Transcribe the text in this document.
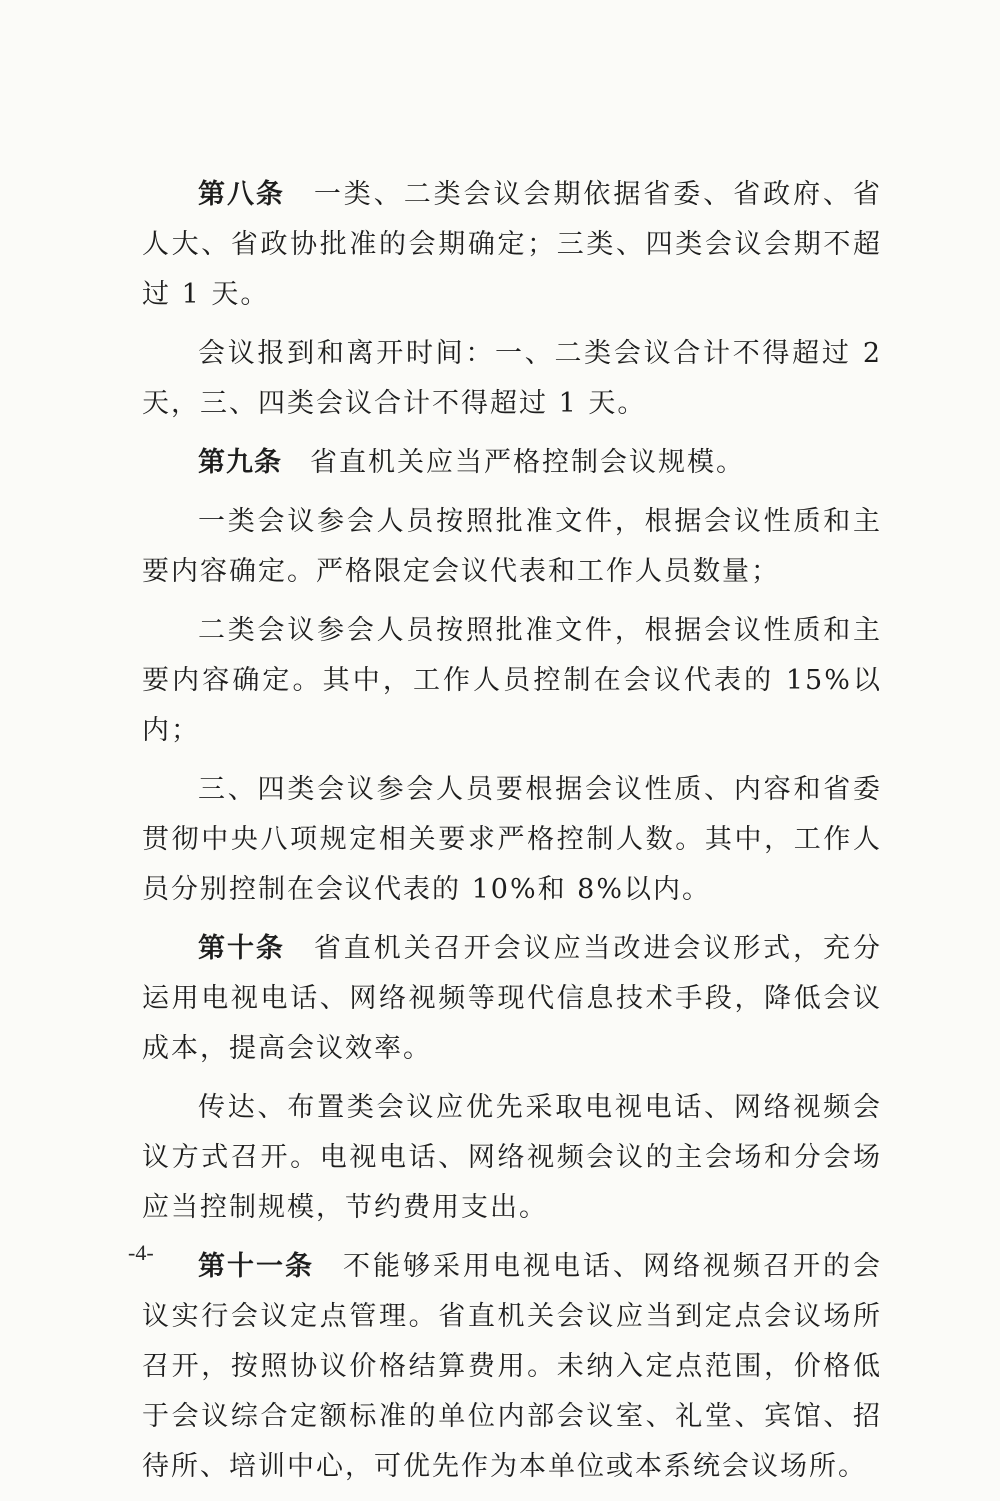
第八条 一类、二类会议会期依据省委、省政府、省人大、省政协批准的会期确定；三类、四类会议会期不超过 1 天。

会议报到和离开时间：一、二类会议合计不得超过 2 天，三、四类会议合计不得超过 1 天。

第九条 省直机关应当严格控制会议规模。

一类会议参会人员按照批准文件，根据会议性质和主要内容确定。严格限定会议代表和工作人员数量；

二类会议参会人员按照批准文件，根据会议性质和主要内容确定。其中，工作人员控制在会议代表的 15%以内；

三、四类会议参会人员要根据会议性质、内容和省委贯彻中央八项规定相关要求严格控制人数。其中，工作人员分别控制在会议代表的 10%和 8%以内。

第十条 省直机关召开会议应当改进会议形式，充分运用电视电话、网络视频等现代信息技术手段，降低会议成本，提高会议效率。

传达、布置类会议应优先采取电视电话、网络视频会议方式召开。电视电话、网络视频会议的主会场和分会场应当控制规模，节约费用支出。

第十一条 不能够采用电视电话、网络视频召开的会议实行会议定点管理。省直机关会议应当到定点会议场所召开，按照协议价格结算费用。未纳入定点范围，价格低于会议综合定额标准的单位内部会议室、礼堂、宾馆、招待所、培训中心，可优先作为本单位或本系统会议场所。

-4-
